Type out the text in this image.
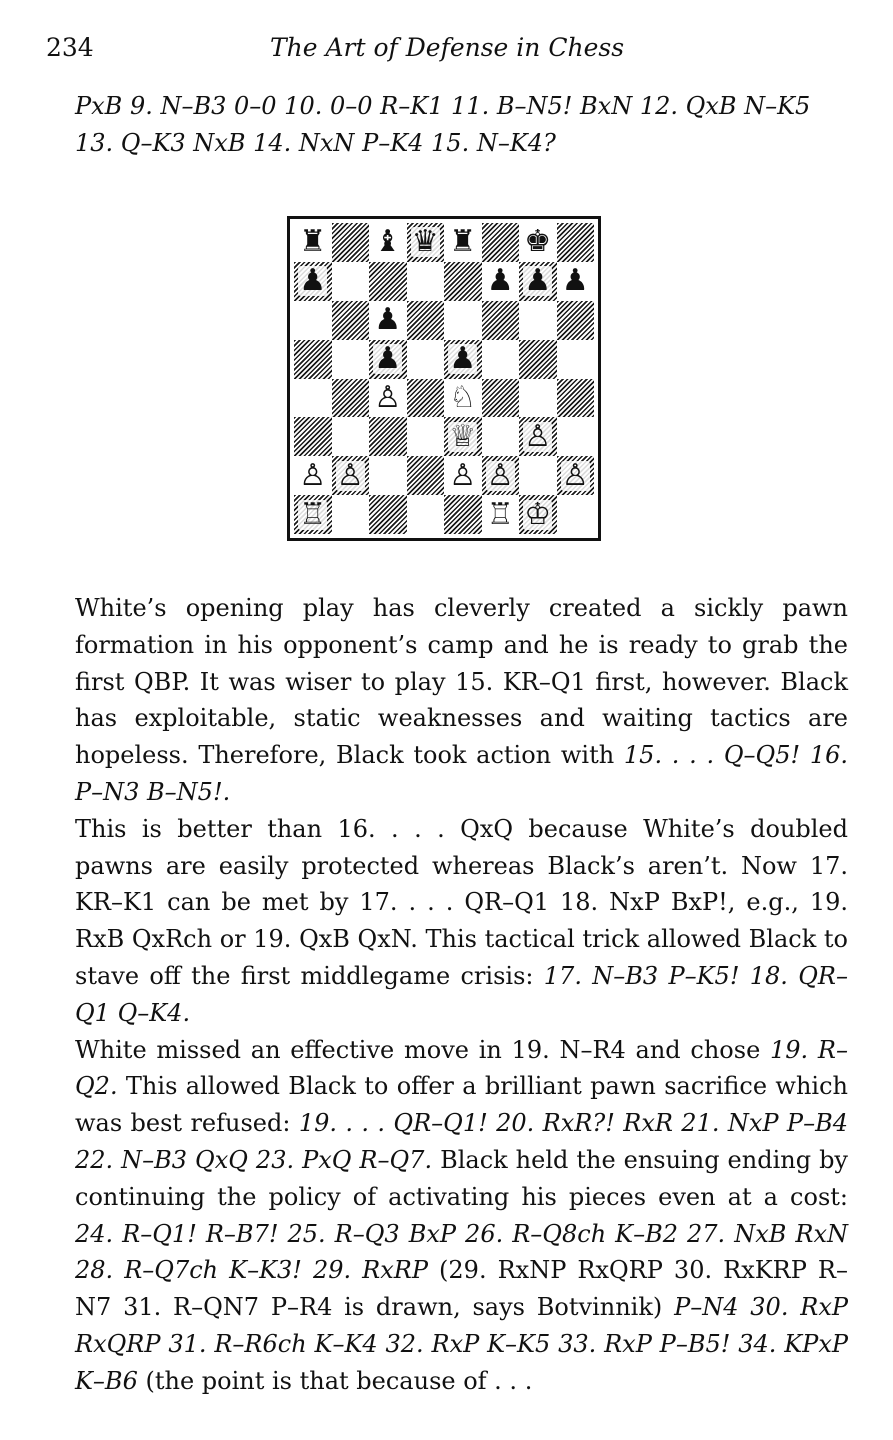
234	The Art of Defense in Chess

PxB 9. N–B3 0–0 10. 0–0 R–K1 11. B–N5! BxN 12. QxB N–K5 13. Q–K3 NxB 14. NxN P–K4 15. N–K4?

♜ ♝ ♛ ♜ ♚
♟	♟ ♟ ♟
♟
♟ ♟
♙ ♘
♕ ♙
♙ ♙	♙ ♙ ♙
♖	♖ ♔

White’s opening play has cleverly created a sickly pawn formation in his opponent’s camp and he is ready to grab the first QBP. It was wiser to play 15. KR–Q1 first, however. Black has exploitable, static weaknesses and waiting tactics are hopeless. Therefore, Black took action with 15. . . . Q–Q5! 16. P–N3 B–N5!.

This is better than 16. . . . QxQ because White’s doubled pawns are easily protected whereas Black’s aren’t. Now 17. KR–K1 can be met by 17. . . . QR–Q1 18. NxP BxP!, e.g., 19. RxB QxRch or 19. QxB QxN. This tactical trick allowed Black to stave off the first middlegame crisis: 17. N–B3 P–K5! 18. QR–Q1 Q–K4.

White missed an effective move in 19. N–R4 and chose 19. R–Q2. This allowed Black to offer a brilliant pawn sacrifice which was best refused: 19. . . . QR–Q1! 20. RxR?! RxR 21. NxP P–B4 22. N–B3 QxQ 23. PxQ R–Q7. Black held the ensuing ending by continuing the policy of activating his pieces even at a cost: 24. R–Q1! R–B7! 25. R–Q3 BxP 26. R–Q8ch K–B2 27. NxB RxN 28. R–Q7ch K–K3! 29. RxRP (29. RxNP RxQRP 30. RxKRP R–N7 31. R–QN7 P–R4 is drawn, says Botvinnik) P–N4 30. RxP RxQRP 31. R–R6ch K–K4 32. RxP K–K5 33. RxP P–B5! 34. KPxP K–B6 (the point is that because of . . .
